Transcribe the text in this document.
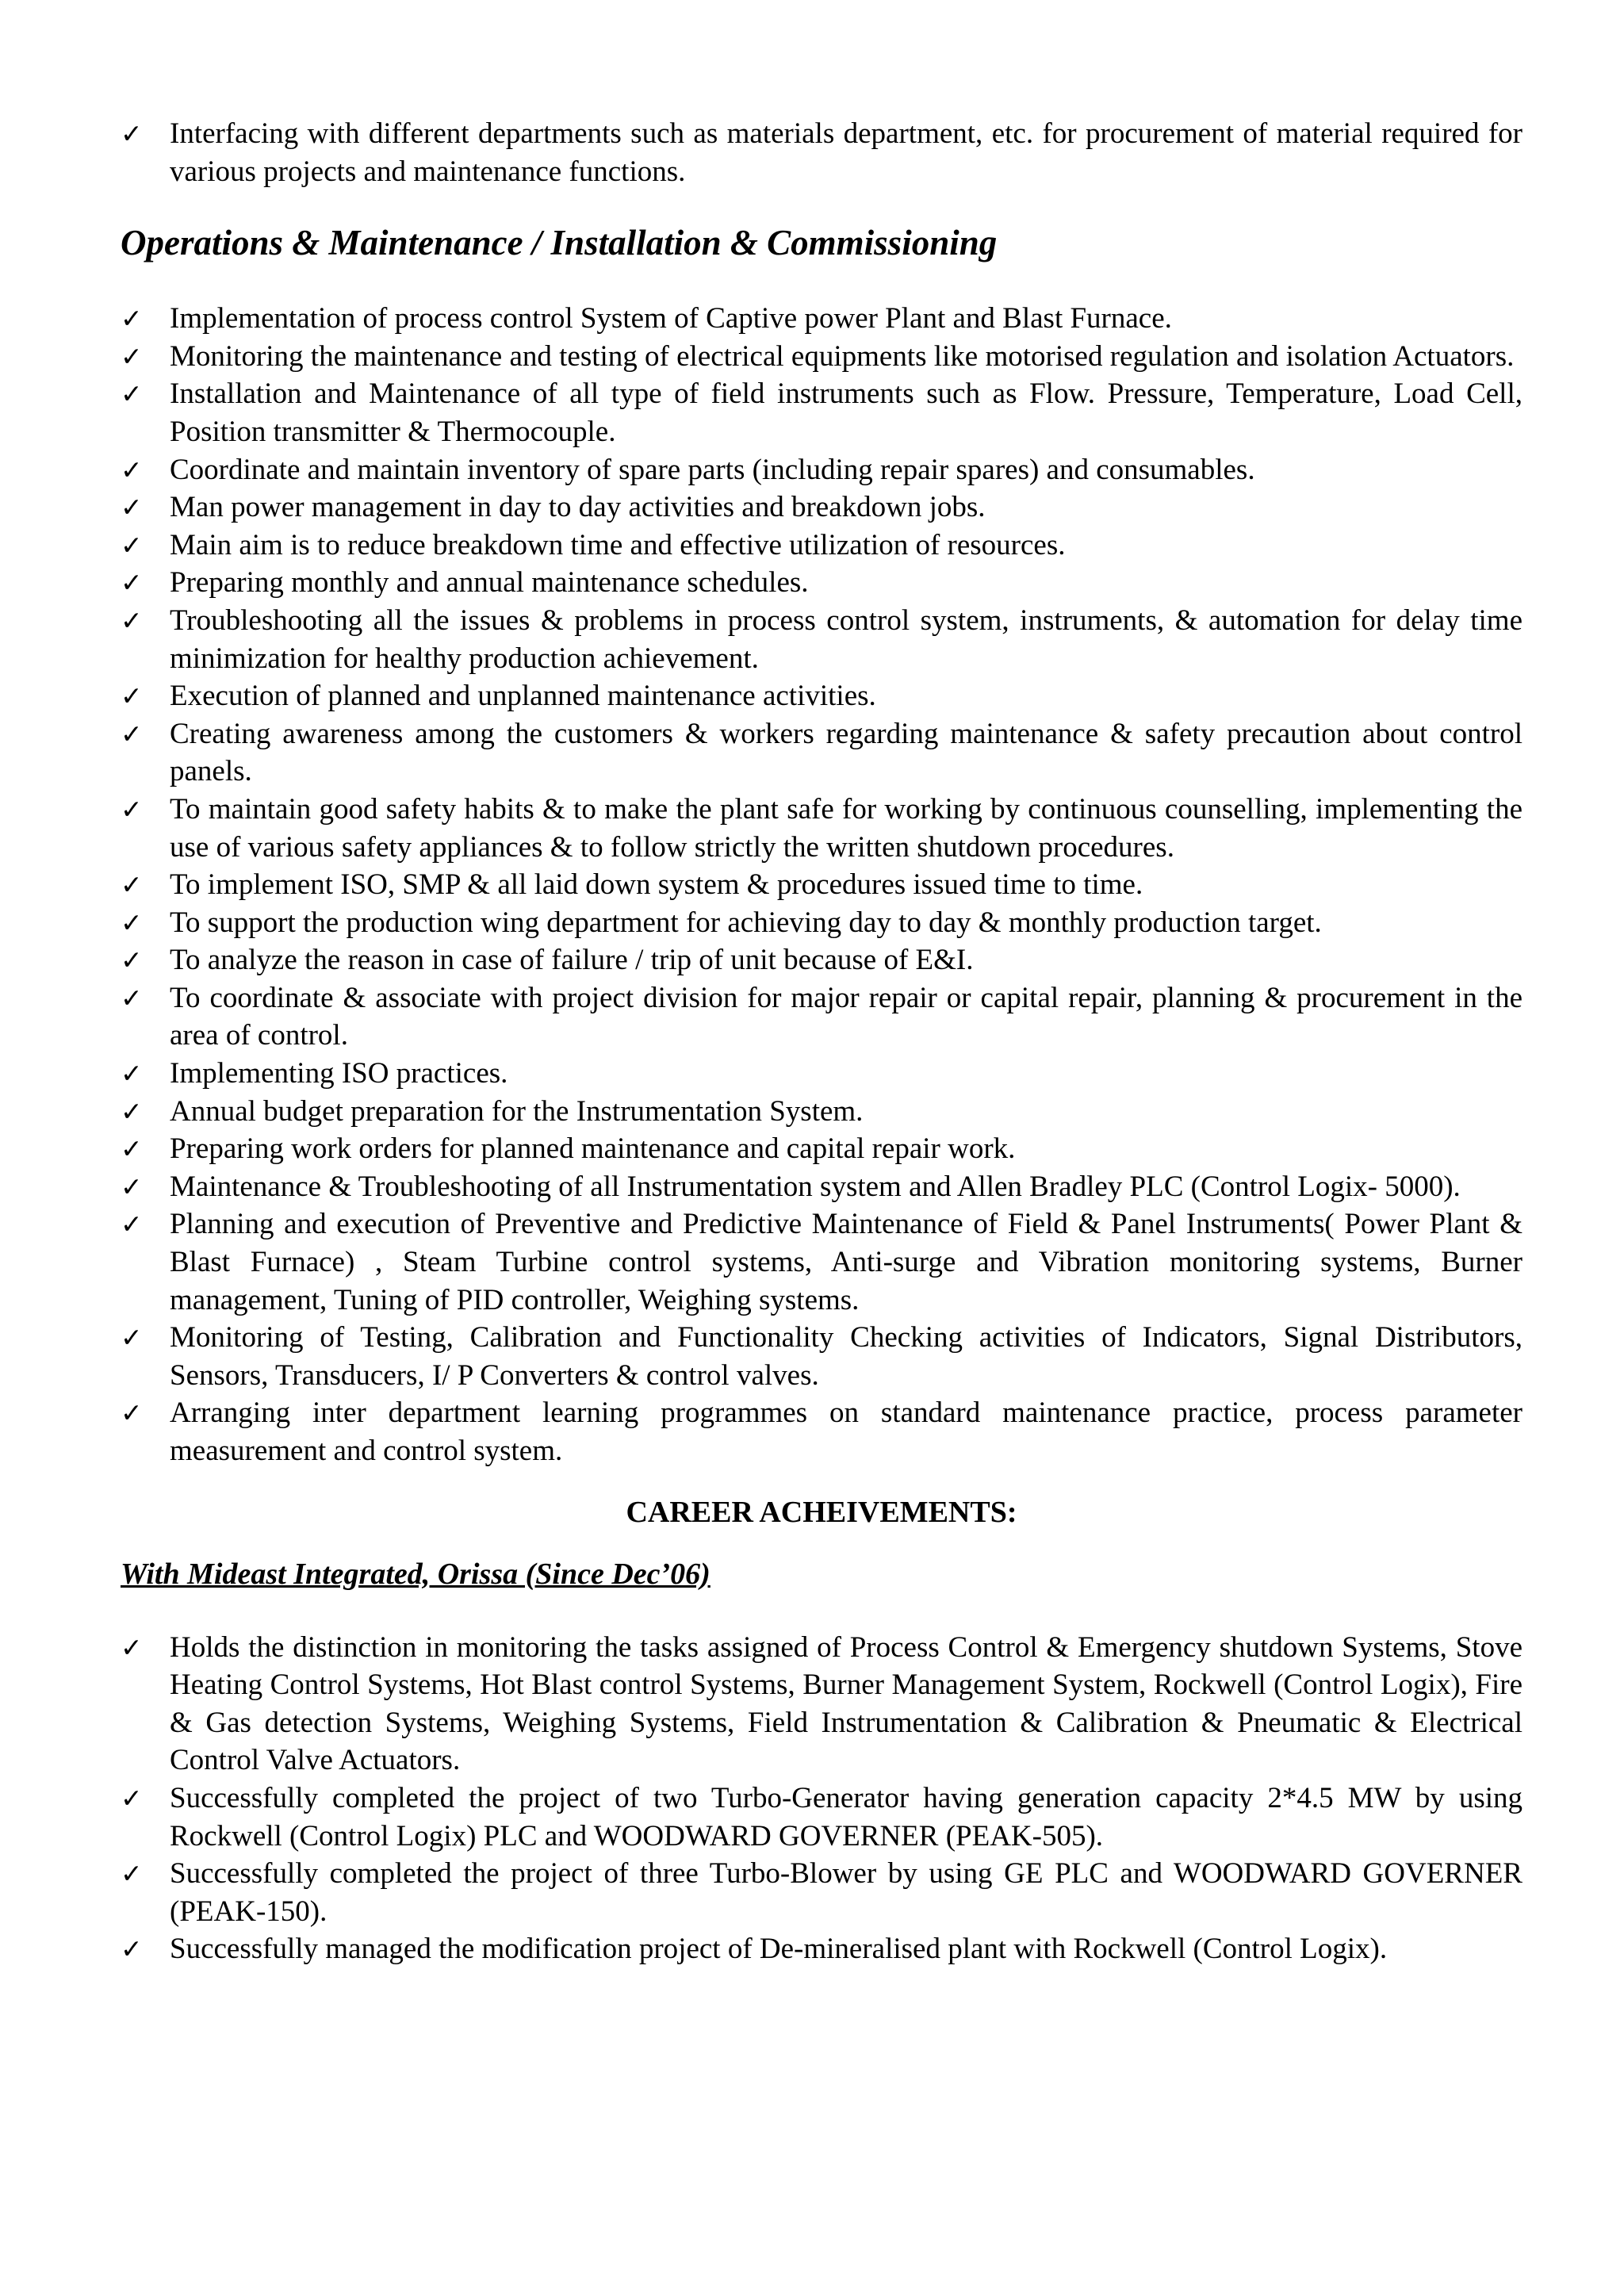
✓ Interfacing with different departments such as materials department, etc. for procurement of material required for various projects and maintenance functions.
Operations & Maintenance / Installation & Commissioning
✓ Implementation of process control System of Captive power Plant and Blast Furnace.
✓ Monitoring the maintenance and testing of electrical equipments like motorised regulation and isolation Actuators.
✓ Installation and Maintenance of all type of field instruments such as Flow. Pressure, Temperature, Load Cell, Position transmitter & Thermocouple.
✓ Coordinate and maintain inventory of spare parts (including repair spares) and consumables.
✓ Man power management in day to day activities and breakdown jobs.
✓ Main aim is to reduce breakdown time and effective utilization of resources.
✓ Preparing monthly and annual maintenance schedules.
✓ Troubleshooting all the issues & problems in process control system, instruments, & automation for delay time minimization for healthy production achievement.
✓ Execution of planned and unplanned maintenance activities.
✓ Creating awareness among the customers & workers regarding maintenance & safety precaution about control panels.
✓ To maintain good safety habits & to make the plant safe for working by continuous counselling, implementing the use of various safety appliances & to follow strictly the written shutdown procedures.
✓ To implement ISO, SMP & all laid down system & procedures issued time to time.
✓ To support the production wing department for achieving day to day & monthly production target.
✓ To analyze the reason in case of failure / trip of unit because of E&I.
✓ To coordinate & associate with project division for major repair or capital repair, planning & procurement in the area of control.
✓ Implementing ISO practices.
✓ Annual budget preparation for the Instrumentation System.
✓ Preparing work orders for planned maintenance and capital repair work.
✓ Maintenance & Troubleshooting of all Instrumentation system and Allen Bradley PLC (Control Logix- 5000).
✓ Planning and execution of Preventive and Predictive Maintenance of Field & Panel Instruments( Power Plant & Blast Furnace) , Steam Turbine control systems, Anti-surge and Vibration monitoring systems, Burner management, Tuning of PID controller, Weighing systems.
✓ Monitoring of Testing, Calibration and Functionality Checking activities of Indicators, Signal Distributors, Sensors, Transducers, I/ P Converters & control valves.
✓ Arranging inter department learning programmes on standard maintenance practice, process parameter measurement and control system.
CAREER ACHEIVEMENTS:
With Mideast Integrated, Orissa (Since Dec’06)
✓ Holds the distinction in monitoring the tasks assigned of Process Control & Emergency shutdown Systems, Stove Heating Control Systems, Hot Blast control Systems, Burner Management System, Rockwell (Control Logix), Fire & Gas detection Systems, Weighing Systems, Field Instrumentation & Calibration & Pneumatic & Electrical Control Valve Actuators.
✓ Successfully completed the project of two Turbo-Generator having generation capacity 2*4.5 MW by using Rockwell (Control Logix) PLC and WOODWARD GOVERNER (PEAK-505).
✓ Successfully completed the project of three Turbo-Blower by using GE PLC and WOODWARD GOVERNER (PEAK-150).
✓ Successfully managed the modification project of De-mineralised plant with Rockwell (Control Logix).
